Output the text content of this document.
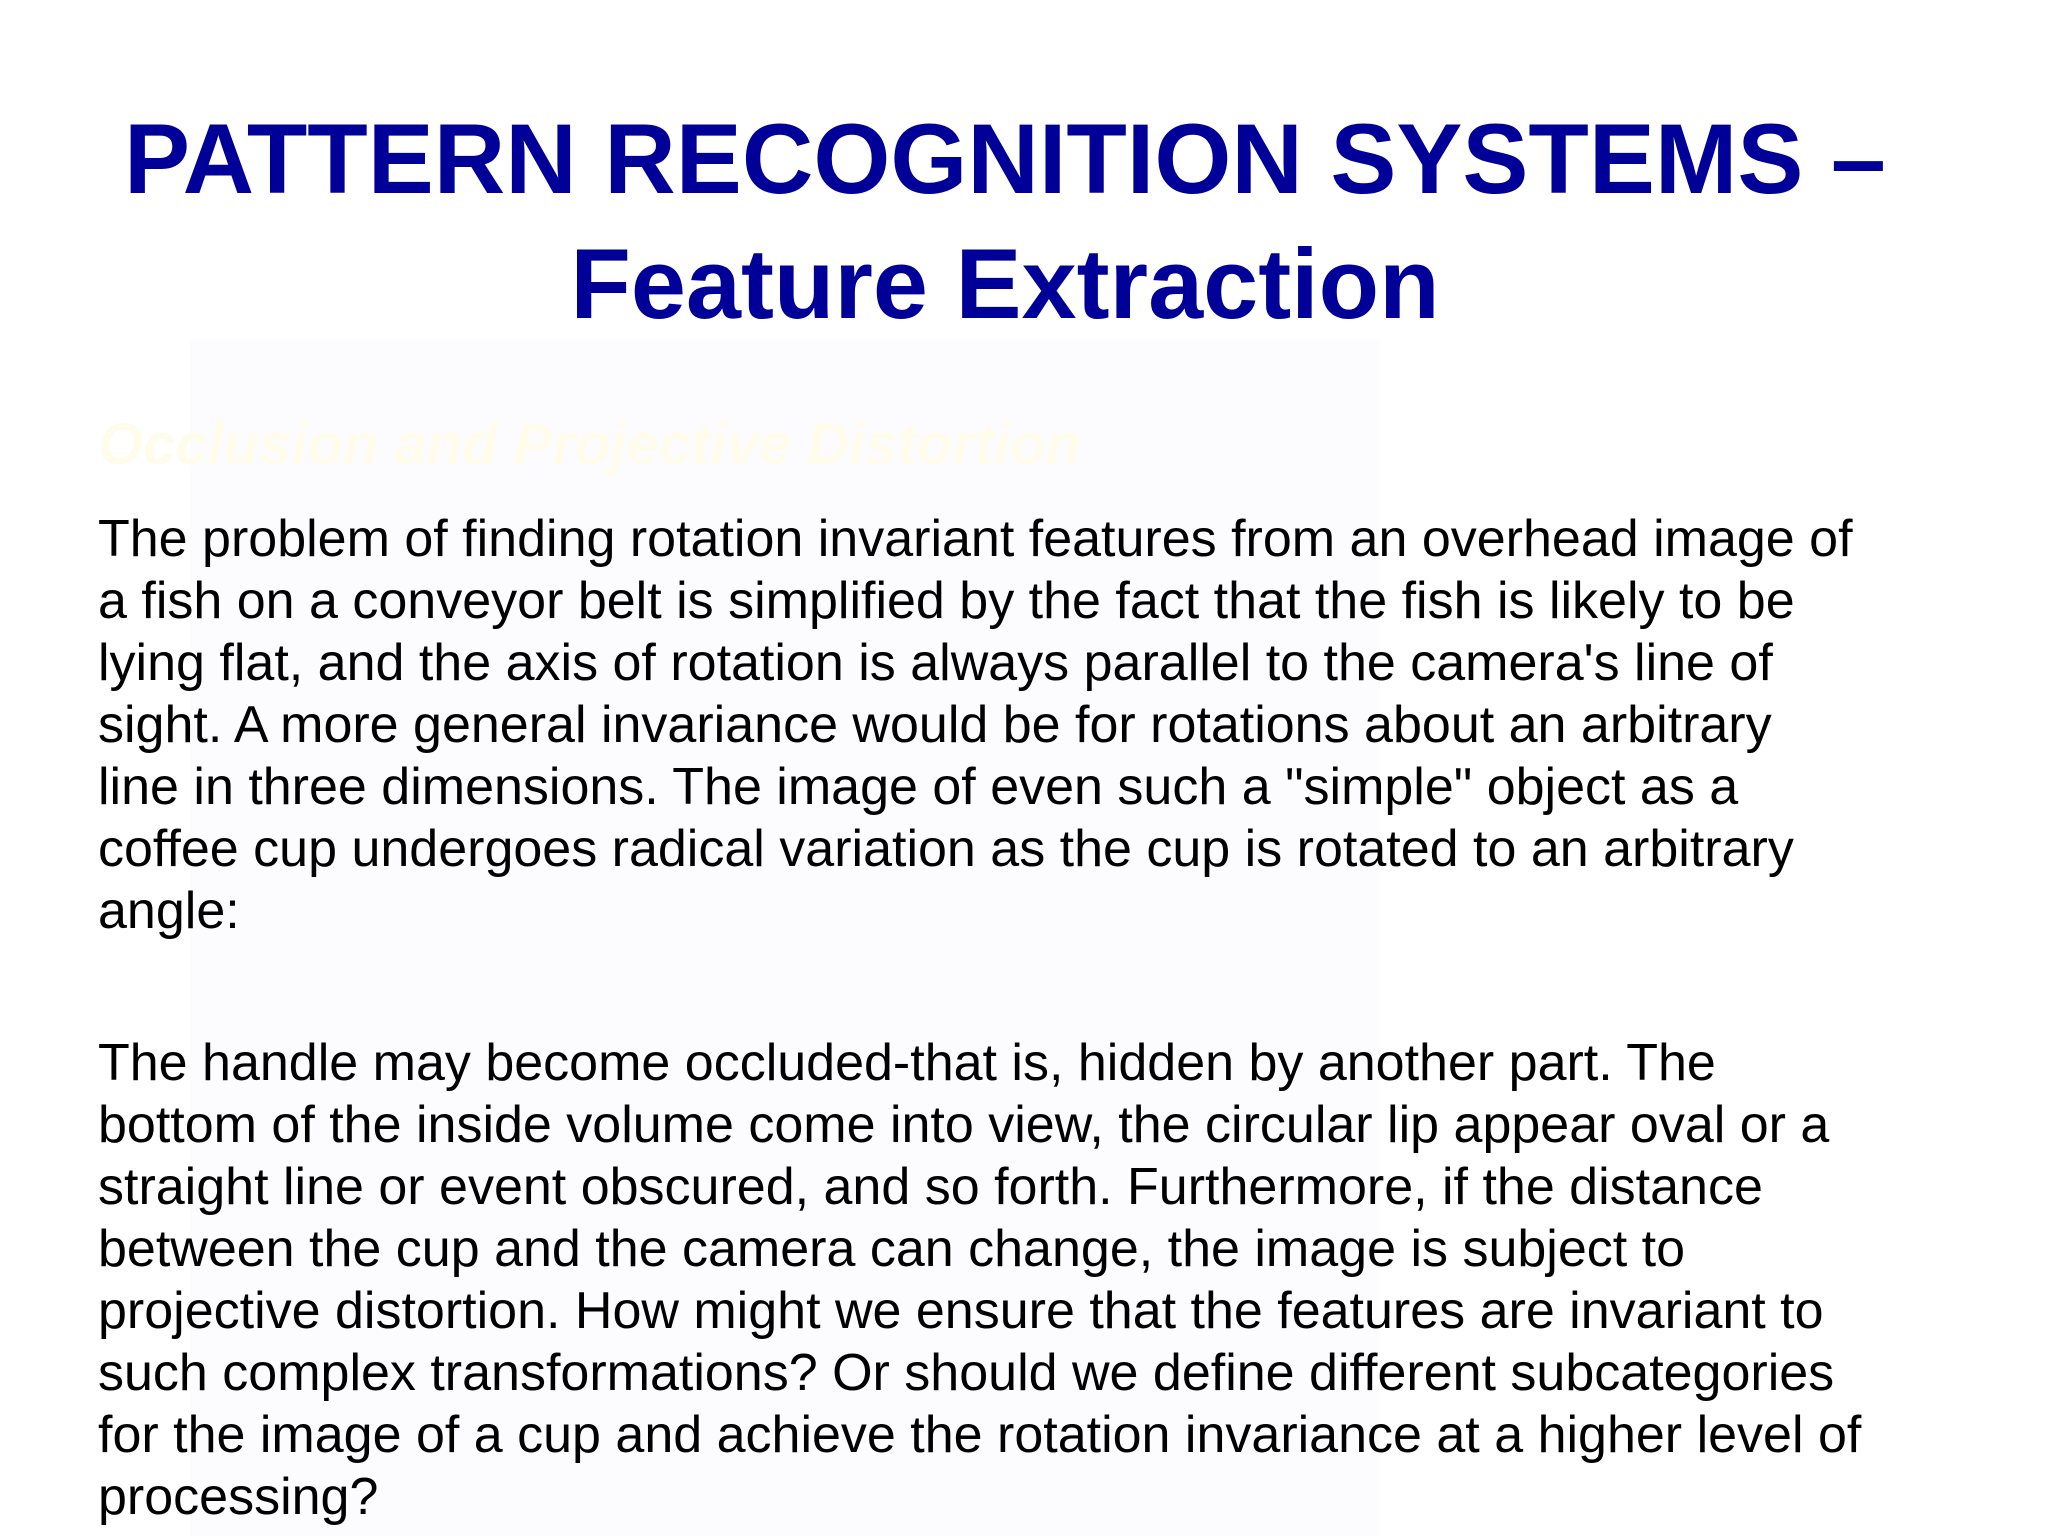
PATTERN RECOGNITION SYSTEMS –
Feature Extraction
Occlusion and Projective Distortion
The problem of finding rotation invariant features from an overhead image of
a fish on a conveyor belt is simplified by the fact that the fish is likely to be
lying flat, and the axis of rotation is always parallel to the camera's line of
sight. A more general invariance would be for rotations about an arbitrary
line in three dimensions. The image of even such a "simple" object as a
coffee cup undergoes radical variation as the cup is rotated to an arbitrary
angle:
The handle may become occluded-that is, hidden by another part. The
bottom of the inside volume come into view, the circular lip appear oval or a
straight line or event obscured, and so forth. Furthermore, if the distance
between the cup and the camera can change, the image is subject to
projective distortion. How might we ensure that the features are invariant to
such complex transformations? Or should we define different subcategories
for the image of a cup and achieve the rotation invariance at a higher level of
processing?
